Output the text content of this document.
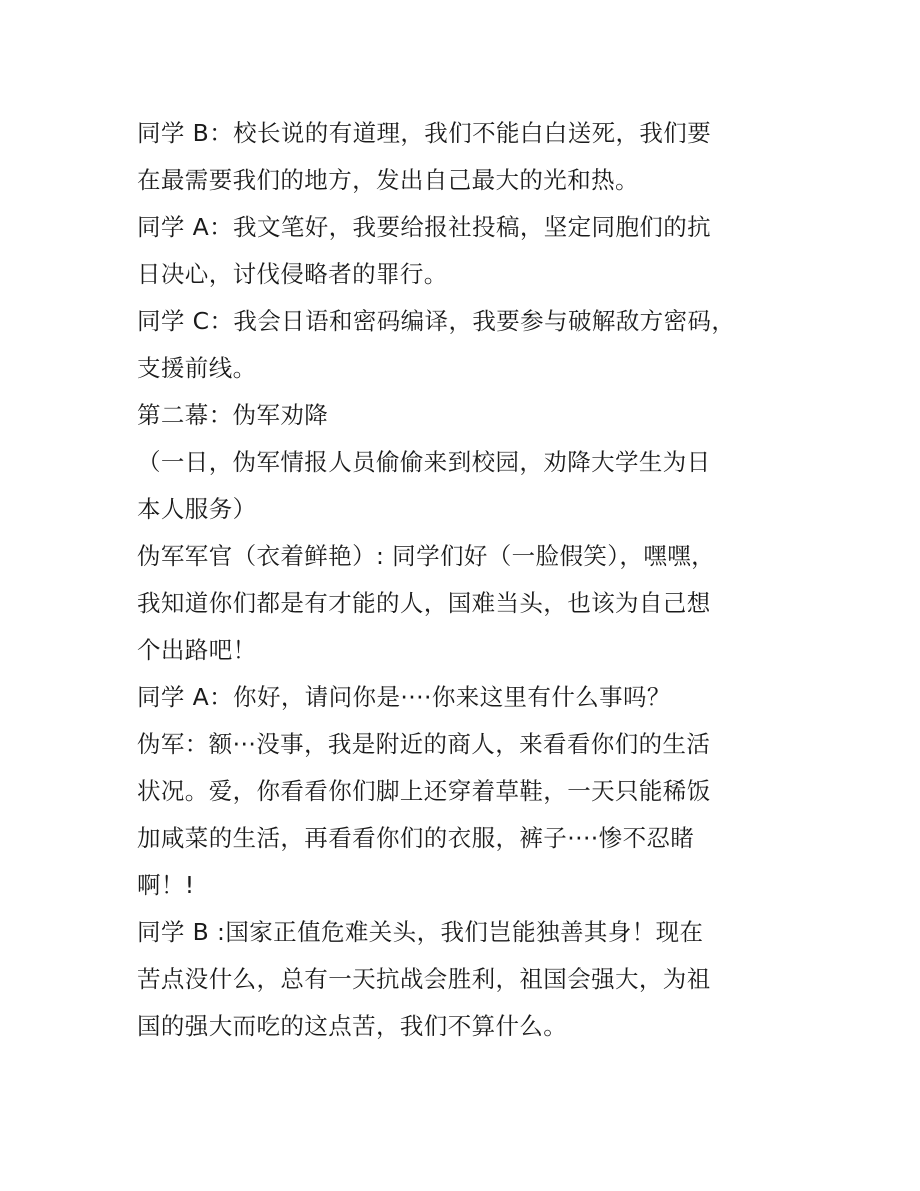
同学 B：校长说的有道理，我们不能白白送死，我们要
在最需要我们的地方，发出自己最大的光和热。
同学 A：我文笔好，我要给报社投稿，坚定同胞们的抗
日决心，讨伐侵略者的罪行。
同学 C：我会日语和密码编译，我要参与破解敌方密码，
支援前线。
第二幕：伪军劝降
（一日，伪军情报人员偷偷来到校园，劝降大学生为日
本人服务）
伪军军官（衣着鲜艳）: 同学们好（一脸假笑），嘿嘿，
我知道你们都是有才能的人，国难当头，也该为自己想
个出路吧！
同学 A：你好，请问你是····你来这里有什么事吗？
伪军：额···没事，我是附近的商人，来看看你们的生活
状况。爱，你看看你们脚上还穿着草鞋，一天只能稀饭
加咸菜的生活，再看看你们的衣服，裤子····惨不忍睹
啊！!
同学 B :国家正值危难关头，我们岂能独善其身！现在
苦点没什么，总有一天抗战会胜利，祖国会强大，为祖
国的强大而吃的这点苦，我们不算什么。
